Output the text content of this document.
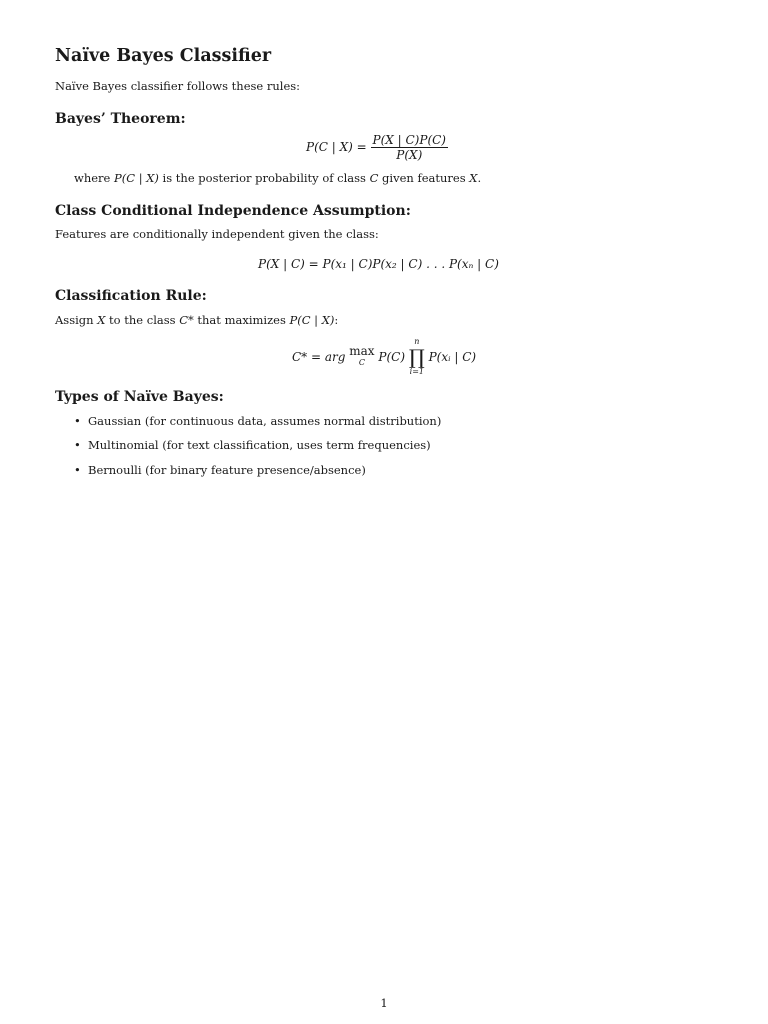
Naïve Bayes Classifier
Naïve Bayes classifier follows these rules:
Bayes’ Theorem:
P(C | $X) = \frac{P(X | C)P(C)}{P(X)}$
where P(C | X) is the posterior probability of class C given features X.
Class Conditional Independence Assumption:
Features are conditionally independent given the class:
P(X | C) = P(x₁ | C)P(x₂ | C) . . . P(xₙ | C)
Classification Rule:
Assign X to the class C* that maximizes P(C | X):
C* = arg max
C	P(C)
n
∏
i=1
P(xᵢ | C)
Types of Naïve Bayes:
• Gaussian (for continuous data, assumes normal distribution)
• Multinomial (for text classification, uses term frequencies)
• Bernoulli (for binary feature presence/absence)
1
